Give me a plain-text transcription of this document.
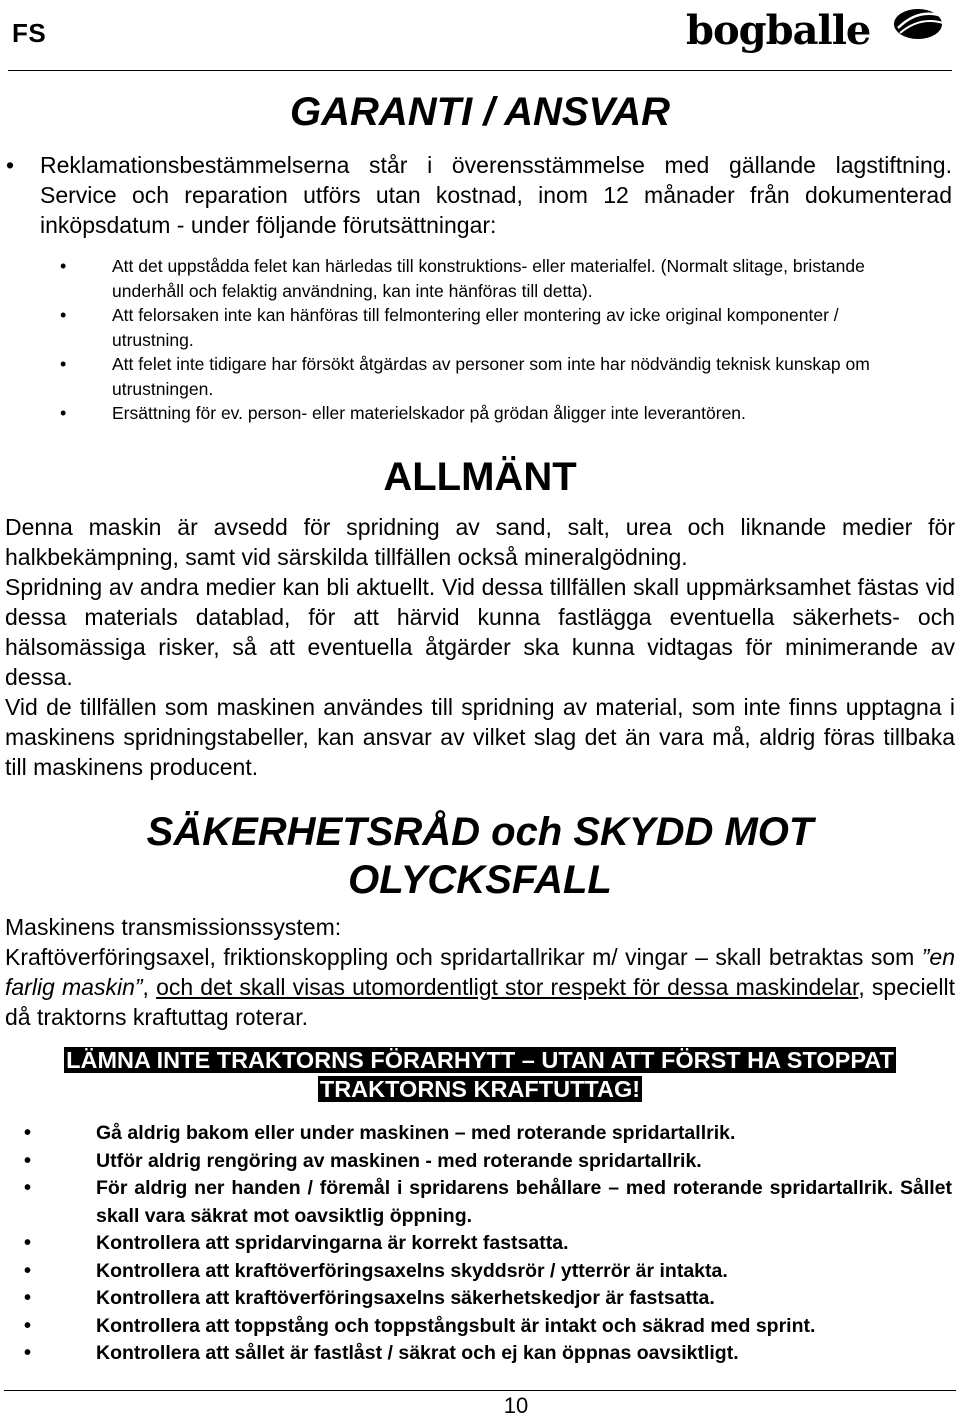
FS	bogballe
GARANTI / ANSVAR
• Reklamationsbestämmelserna står i överensstämmelse med gällande lagstiftning. Service och reparation utförs utan kostnad, inom 12 månader från dokumenterad inköpsdatum - under följande förutsättningar:
• Att det uppstådda felet kan härledas till konstruktions- eller materialfel. (Normalt slitage, bristande underhåll och felaktig användning, kan inte hänföras till detta).
• Att felorsaken inte kan hänföras till felmontering eller montering av icke original komponenter / utrustning.
• Att felet inte tidigare har försökt åtgärdas av personer som inte har nödvändig teknisk kunskap om utrustningen.
• Ersättning för ev. person- eller materielskador på grödan åligger inte leverantören.
ALLMÄNT

Denna maskin är avsedd för spridning av sand, salt, urea och liknande medier för halkbekämpning, samt vid särskilda tillfällen också mineralgödning.

Spridning av andra medier kan bli aktuellt. Vid dessa tillfällen skall uppmärksamhet fästas vid dessa materials datablad, för att härvid kunna fastlägga eventuella säkerhets- och hälsomässiga risker, så att eventuella åtgärder ska kunna vidtagas för minimerande av dessa.

Vid de tillfällen som maskinen användes till spridning av material, som inte finns upptagna i maskinens spridningstabeller, kan ansvar av vilket slag det än vara må, aldrig föras tillbaka till maskinens producent.

SÄKERHETSRÅD och SKYDD MOT
OLYCKSFALL

Maskinens transmissionssystem:

Kraftöverföringsaxel, friktionskoppling och spridartallrikar m/ vingar – skall betraktas som ”en farlig maskin”, och det skall visas utomordentligt stor respekt för dessa maskindelar, speciellt då traktorns kraftuttag roterar.

LÄMNA INTE TRAKTORNS FÖRARHYTT – UTAN ATT FÖRST HA STOPPAT
TRAKTORNS KRAFTUTTAG!
• Gå aldrig bakom eller under maskinen – med roterande spridartallrik.
• Utför aldrig rengöring av maskinen - med roterande spridartallrik.
• För aldrig ner handen / föremål i spridarens behållare – med roterande spridartallrik. Sållet skall vara säkrat mot oavsiktlig öppning.
• Kontrollera att spridarvingarna är korrekt fastsatta.
• Kontrollera att kraftöverföringsaxelns skyddsrör / ytterrör är intakta.
• Kontrollera att kraftöverföringsaxelns säkerhetskedjor är fastsatta.
• Kontrollera att toppstång och toppstångsbult är intakt och säkrad med sprint.
• Kontrollera att sållet är fastlåst / säkrat och ej kan öppnas oavsiktligt.
10
